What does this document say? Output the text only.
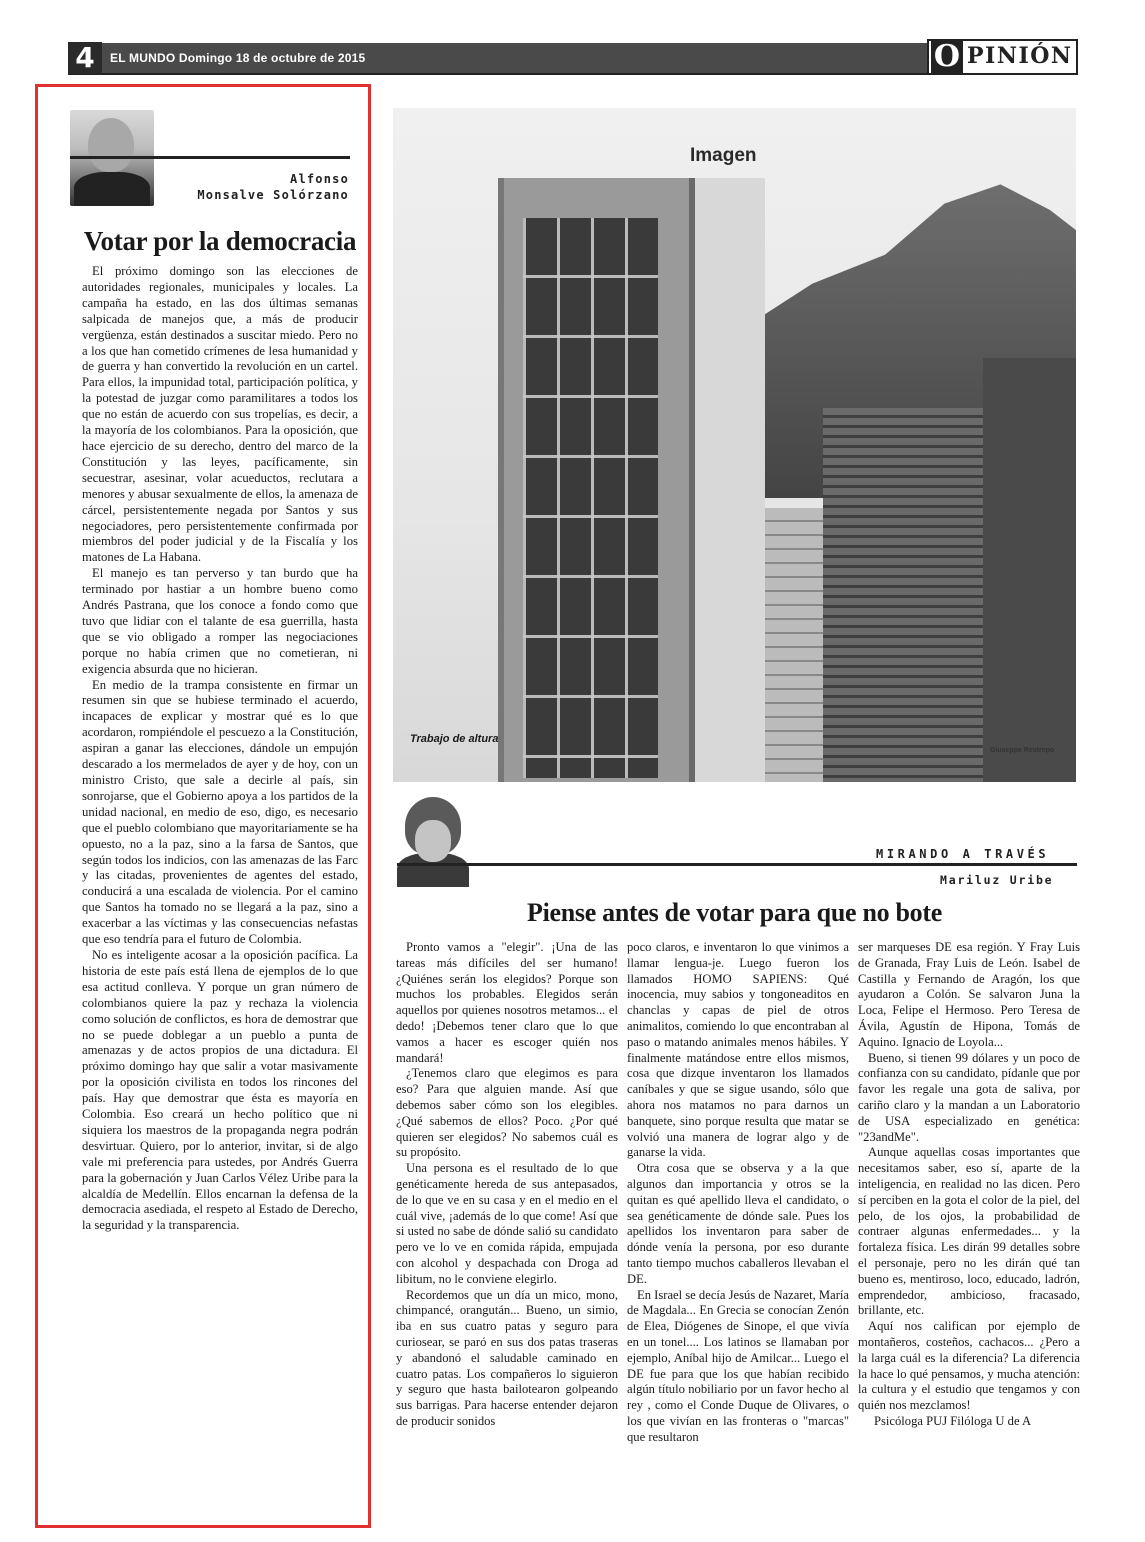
4	EL MUNDO Domingo 18 de octubre de 2015	O PINIÓN
Alfonso
Monsalve Solórzano
Votar por la democracia

El próximo domingo son las elecciones de autoridades regionales, municipales y locales. La campaña ha estado, en las dos últimas semanas salpicada de manejos que, a más de producir vergüenza, están destinados a suscitar miedo. Pero no a los que han cometido crímenes de lesa humanidad y de guerra y han convertido la revolución en un cartel. Para ellos, la impunidad total, participación política, y la potestad de juzgar como paramilitares a todos los que no están de acuerdo con sus tropelías, es decir, a la mayoría de los colombianos. Para la oposición, que hace ejercicio de su derecho, dentro del marco de la Constitución y las leyes, pacíficamente, sin secuestrar, asesinar, volar acueductos, reclutara a menores y abusar sexualmente de ellos, la amenaza de cárcel, persistentemente negada por Santos y sus negociadores, pero persistentemente confirmada por miembros del poder judicial y de la Fiscalía y los matones de La Habana.

El manejo es tan perverso y tan burdo que ha terminado por hastiar a un hombre bueno como Andrés Pastrana, que los conoce a fondo como que tuvo que lidiar con el talante de esa guerrilla, hasta que se vio obligado a romper las negociaciones porque no había crimen que no cometieran, ni exigencia absurda que no hicieran.

En medio de la trampa consistente en firmar un resumen sin que se hubiese terminado el acuerdo, incapaces de explicar y mostrar qué es lo que acordaron, rompiéndole el pescuezo a la Constitución, aspiran a ganar las elecciones, dándole un empujón descarado a los mermelados de ayer y de hoy, con un ministro Cristo, que sale a decirle al país, sin sonrojarse, que el Gobierno apoya a los partidos de la unidad nacional, en medio de eso, digo, es necesario que el pueblo colombiano que mayoritariamente se ha opuesto, no a la paz, sino a la farsa de Santos, que según todos los indicios, con las amenazas de las Farc y las citadas, provenientes de agentes del estado, conducirá a una escalada de violencia. Por el camino que Santos ha tomado no se llegará a la paz, sino a exacerbar a las víctimas y las consecuencias nefastas que eso tendría para el futuro de Colombia.

No es inteligente acosar a la oposición pacífica. La historia de este país está llena de ejemplos de lo que esa actitud conlleva. Y porque un gran número de colombianos quiere la paz y rechaza la violencia como solución de conflictos, es hora de demostrar que no se puede doblegar a un pueblo a punta de amenazas y de actos propios de una dictadura. El próximo domingo hay que salir a votar masivamente por la oposición civilista en todos los rincones del país. Hay que demostrar que ésta es mayoría en Colombia. Eso creará un hecho político que ni siquiera los maestros de la propaganda negra podrán desvirtuar. Quiero, por lo anterior, invitar, si de algo vale mi preferencia para ustedes, por Andrés Guerra para la gobernación y Juan Carlos Vélez Uribe para la alcaldía de Medellín. Ellos encarnan la defensa de la democracia asediada, el respeto al Estado de Derecho, la seguridad y la transparencia.

Imagen
Trabajo de altura
Giuseppe Restrepo
MIRANDO A TRAVÉS
Mariluz Uribe
Piense antes de votar para que no bote

Pronto vamos a "elegir". ¡Una de las tareas más difíciles del ser humano! ¿Quiénes serán los elegidos? Porque son muchos los probables. Elegidos serán aquellos por quienes nosotros metamos... el dedo! ¡Debemos tener claro que lo que vamos a hacer es escoger quién nos mandará!

¿Tenemos claro que elegimos es para eso? Para que alguien mande. Así que debemos saber cómo son los elegibles. ¿Qué sabemos de ellos? Poco. ¿Por qué quieren ser elegidos? No sabemos cuál es su propósito.

Una persona es el resultado de lo que genéticamente hereda de sus antepasados, de lo que ve en su casa y en el medio en el cuál vive, ¡además de lo que come! Así que si usted no sabe de dónde salió su candidato pero ve lo ve en comida rápida, empujada con alcohol y despachada con Droga ad libitum, no le conviene elegirlo.

Recordemos que un día un mico, mono, chimpancé, orangután... Bueno, un simio, iba en sus cuatro patas y seguro para curiosear, se paró en sus dos patas traseras y abandonó el saludable caminado en cuatro patas. Los compañeros lo siguieron y seguro que hasta bailotearon golpeando sus barrigas. Para hacerse entender dejaron de producir sonidos

poco claros, e inventaron lo que vinimos a llamar lengua-je. Luego fueron los llamados HOMO SAPIENS: Qué inocencia, muy sabios y tongoneaditos en chanclas y capas de piel de otros animalitos, comiendo lo que encontraban al paso o matando animales menos hábiles. Y finalmente matándose entre ellos mismos, cosa que dizque inventaron los llamados caníbales y que se sigue usando, sólo que ahora nos matamos no para darnos un banquete, sino porque resulta que matar se volvió una manera de lograr algo y de ganarse la vida.

Otra cosa que se observa y a la que algunos dan importancia y otros se la quitan es qué apellido lleva el candidato, o sea genéticamente de dónde sale. Pues los apellidos los inventaron para saber de dónde venía la persona, por eso durante tanto tiempo muchos caballeros llevaban el DE.

En Israel se decía Jesús de Nazaret, María de Magdala... En Grecia se conocían Zenón de Elea, Diógenes de Sinope, el que vivía en un tonel.... Los latinos se llamaban por ejemplo, Aníbal hijo de Amilcar... Luego el DE fue para que los que habían recibido algún título nobiliario por un favor hecho al rey , como el Conde Duque de Olivares, o los que vivían en las fronteras o "marcas" que resultaron

ser marqueses DE esa región. Y Fray Luis de Granada, Fray Luis de León. Isabel de Castilla y Fernando de Aragón, los que ayudaron a Colón. Se salvaron Juna la Loca, Felipe el Hermoso. Pero Teresa de Ávila, Agustín de Hipona, Tomás de Aquino. Ignacio de Loyola...

Bueno, si tienen 99 dólares y un poco de confianza con su candidato, pídanle que por favor les regale una gota de saliva, por cariño claro y la mandan a un Laboratorio de USA especializado en genética: "23andMe".

Aunque aquellas cosas importantes que necesitamos saber, eso sí, aparte de la inteligencia, en realidad no las dicen. Pero sí perciben en la gota el color de la piel, del pelo, de los ojos, la probabilidad de contraer algunas enfermedades... y la fortaleza física. Les dirán 99 detalles sobre el personaje, pero no les dirán qué tan bueno es, mentiroso, loco, educado, ladrón, emprendedor, ambicioso, fracasado, brillante, etc.

Aquí nos califican por ejemplo de montañeros, costeños, cachacos... ¿Pero a la larga cuál es la diferencia? La diferencia la hace lo qué pensamos, y mucha atención: la cultura y el estudio que tengamos y con quién nos mezclamos!

Psicóloga PUJ Filóloga U de A
